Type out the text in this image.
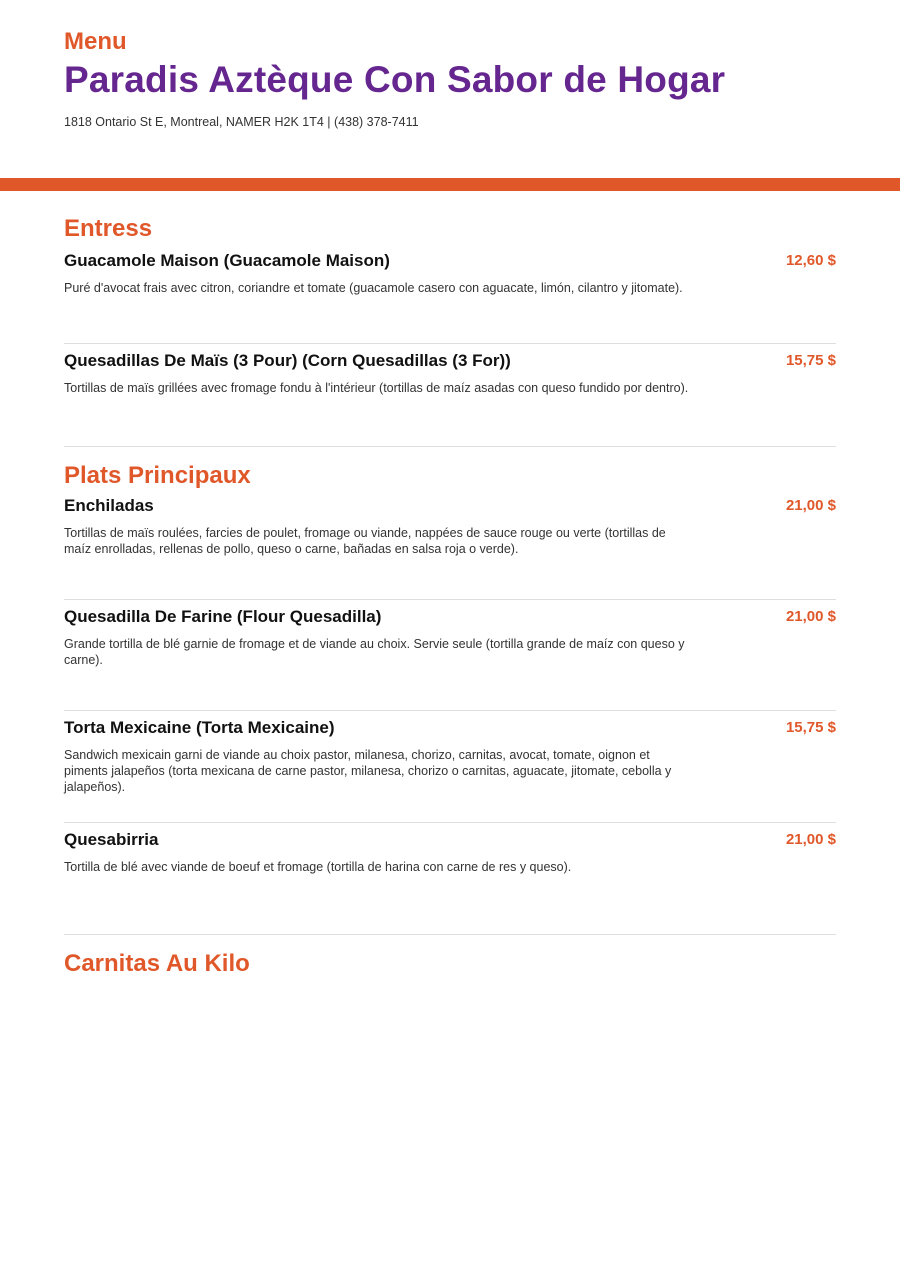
Menu

Paradis Aztèque Con Sabor de Hogar

1818 Ontario St E, Montreal, NAMER H2K 1T4 | (438) 378-7411

Entress

Guacamole Maison (Guacamole Maison)	12,60 $

Puré d'avocat frais avec citron, coriandre et tomate (guacamole casero con aguacate, limón, cilantro y jitomate).

Quesadillas De Maïs (3 Pour) (Corn Quesadillas (3 For))	15,75 $

Tortillas de maïs grillées avec fromage fondu à l'intérieur (tortillas de maíz asadas con queso fundido por dentro).

Plats Principaux

Enchiladas	21,00 $

Tortillas de maïs roulées, farcies de poulet, fromage ou viande, nappées de sauce rouge ou verte (tortillas de maíz enrolladas, rellenas de pollo, queso o carne, bañadas en salsa roja o verde).

Quesadilla De Farine (Flour Quesadilla)	21,00 $

Grande tortilla de blé garnie de fromage et de viande au choix. Servie seule (tortilla grande de maíz con queso y carne).

Torta Mexicaine (Torta Mexicaine)	15,75 $

Sandwich mexicain garni de viande au choix pastor, milanesa, chorizo, carnitas, avocat, tomate, oignon et piments jalapeños (torta mexicana de carne pastor, milanesa, chorizo o carnitas, aguacate, jitomate, cebolla y jalapeños).

Quesabirria	21,00 $

Tortilla de blé avec viande de boeuf et fromage (tortilla de harina con carne de res y queso).

Carnitas Au Kilo
